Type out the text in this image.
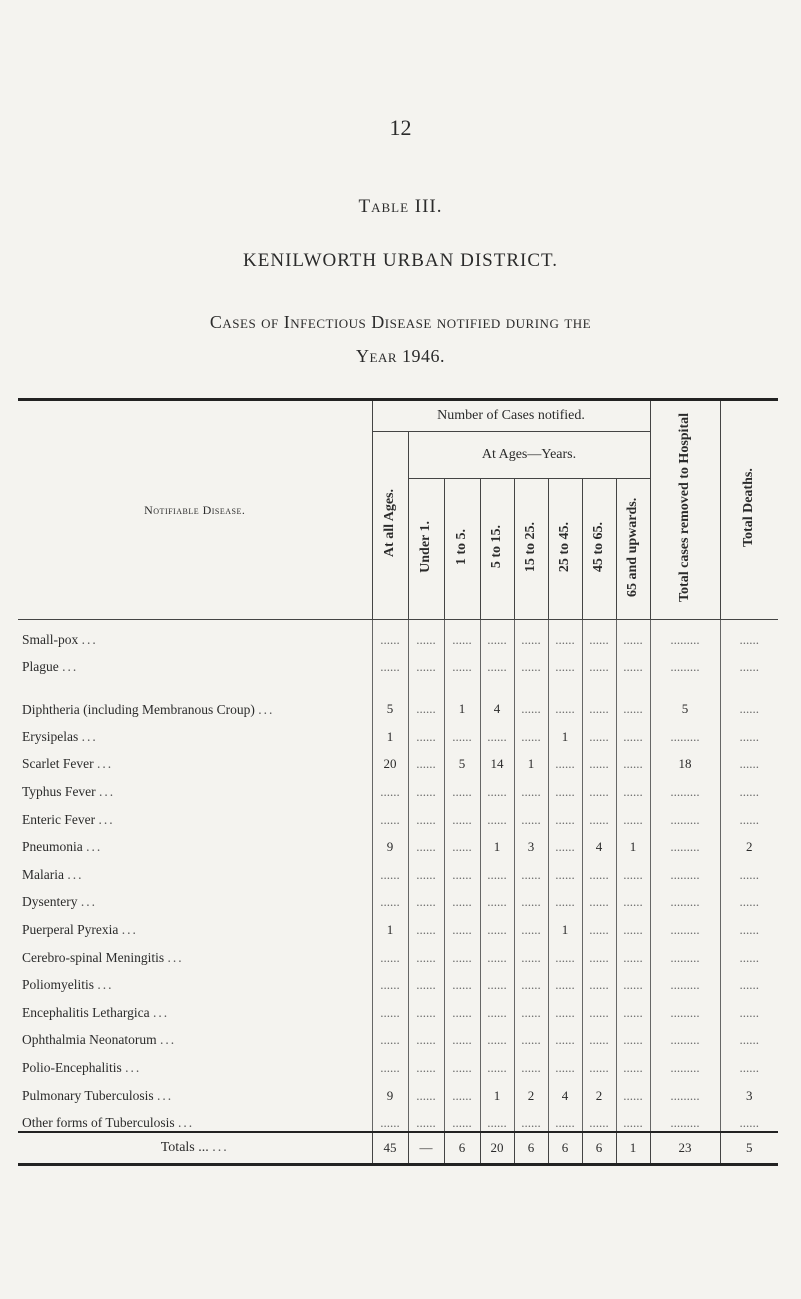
12
Table III.
KENILWORTH URBAN DISTRICT.
Cases of Infectious Disease notified during the
Year 1946.
Notifiable Disease.	Number of Cases notified.								Total cases removed to Hospital	Total Deaths.
	At all Ages.	At Ages—Years.								
		Under 1.	1 to 5.	5 to 15.	15 to 25.	25 to 45.	45 to 65.	65 and upwards.		
Small-pox ...	......	......	......	......	......	......	......	......	.........	......
Plague ...	......	......	......	......	......	......	......	......	.........	......
Diphtheria (including Membranous Croup) ...	5	......	1	4	......	......	......	......	5	......
Erysipelas ...	1	......	......	......	......	1	......	......	.........	......
Scarlet Fever ...	20	......	5	14	1	......	......	......	18	......
Typhus Fever ...	......	......	......	......	......	......	......	......	.........	......
Enteric Fever ...	......	......	......	......	......	......	......	......	.........	......
Pneumonia ...	9	......	......	1	3	......	4	1	.........	2
Malaria ...	......	......	......	......	......	......	......	......	.........	......
Dysentery ...	......	......	......	......	......	......	......	......	.........	......
Puerperal Pyrexia ...	1	......	......	......	......	1	......	......	.........	......
Cerebro-spinal Meningitis ...	......	......	......	......	......	......	......	......	.........	......
Poliomyelitis ...	......	......	......	......	......	......	......	......	.........	......
Encephalitis Lethargica ...	......	......	......	......	......	......	......	......	.........	......
Ophthalmia Neonatorum ...	......	......	......	......	......	......	......	......	.........	......
Polio-Encephalitis ...	......	......	......	......	......	......	......	......	.........	......
Pulmonary Tuberculosis ...	9	......	......	1	2	4	2	......	.........	3
Other forms of Tuberculosis ...	......	......	......	......	......	......	......	......	.........	......
Totals ... ...	45	—	6	20	6	6	6	1	23	5
